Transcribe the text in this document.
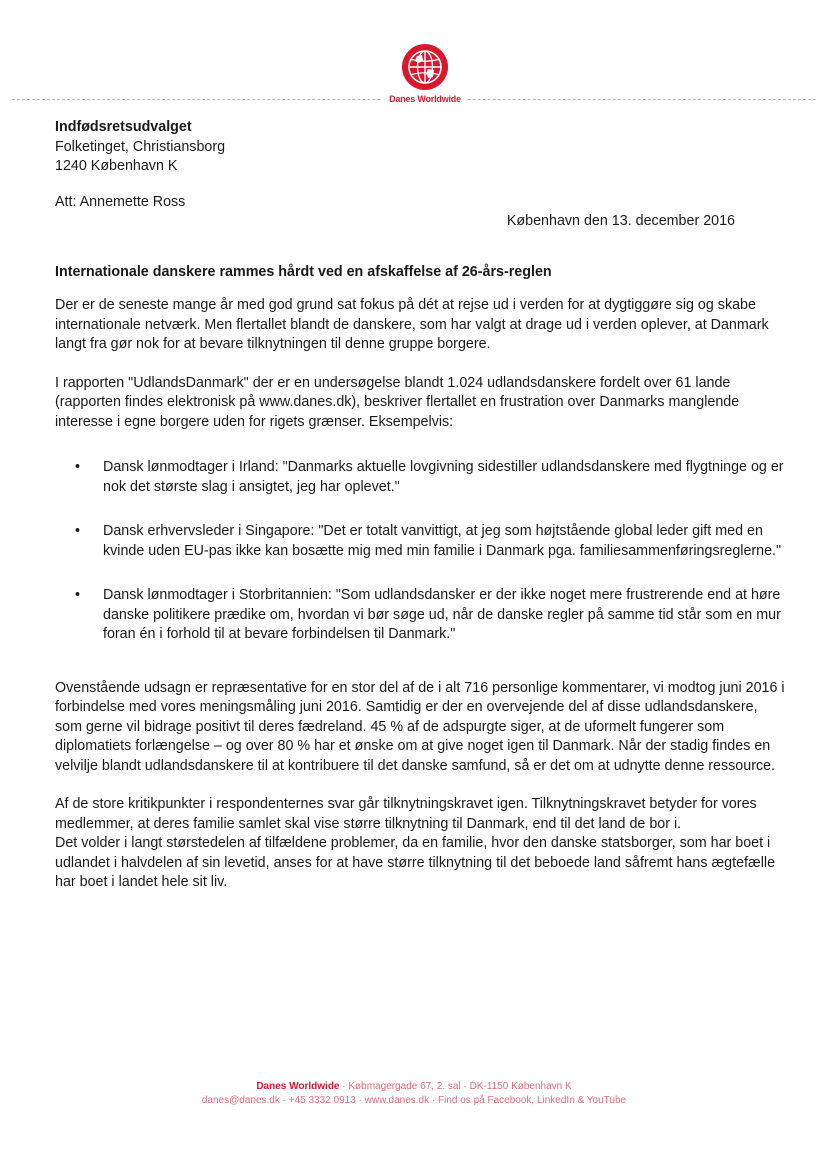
Danes Worldwide

Indfødsretsudvalget

Folketinget, Christiansborg

1240 København K

Att: Annemette Ross

København den 13. december 2016

Internationale danskere rammes hårdt ved en afskaffelse af 26-års-reglen

Der er de seneste mange år med god grund sat fokus på dét at rejse ud i verden for at dygtiggøre sig og skabe internationale netværk. Men flertallet blandt de danskere, som har valgt at drage ud i verden oplever, at Danmark langt fra gør nok for at bevare tilknytningen til denne gruppe borgere.

I rapporten "UdlandsDanmark" der er en undersøgelse blandt 1.024 udlandsdanskere fordelt over 61 lande (rapporten findes elektronisk på www.danes.dk), beskriver flertallet en frustration over Danmarks manglende interesse i egne borgere uden for rigets grænser. Eksempelvis:

• Dansk lønmodtager i Irland: "Danmarks aktuelle lovgivning sidestiller udlandsdanskere med flygtninge og er nok det største slag i ansigtet, jeg har oplevet."
• Dansk erhvervsleder i Singapore: "Det er totalt vanvittigt, at jeg som højtstående global leder gift med en kvinde uden EU-pas ikke kan bosætte mig med min familie i Danmark pga. familiesammenføringsreglerne."
• Dansk lønmodtager i Storbritannien: "Som udlandsdansker er der ikke noget mere frustrerende end at høre danske politikere prædike om, hvordan vi bør søge ud, når de danske regler på samme tid står som en mur foran én i forhold til at bevare forbindelsen til Danmark."

Ovenstående udsagn er repræsentative for en stor del af de i alt 716 personlige kommentarer, vi modtog juni 2016 i forbindelse med vores meningsmåling juni 2016. Samtidig er der en overvejende del af disse udlandsdanskere, som gerne vil bidrage positivt til deres fædreland. 45 % af de adspurgte siger, at de uformelt fungerer som diplomatiets forlængelse – og over 80 % har et ønske om at give noget igen til Danmark. Når der stadig findes en velvilje blandt udlandsdanskere til at kontribuere til det danske samfund, så er det om at udnytte denne ressource.

Af de store kritikpunkter i respondenternes svar går tilknytningskravet igen. Tilknytningskravet betyder for vores medlemmer, at deres familie samlet skal vise større tilknytning til Danmark, end til det land de bor i.

Det volder i langt størstedelen af tilfældene problemer, da en familie, hvor den danske statsborger, som har boet i udlandet i halvdelen af sin levetid, anses for at have større tilknytning til det beboede land såfremt hans ægtefælle har boet i landet hele sit liv.

Danes Worldwide · Købmagergade 67, 2. sal · DK-1150 København K

danes@danes.dk · +45 3332 0913 · www.danes.dk · Find os på Facebook, LinkedIn & YouTube
